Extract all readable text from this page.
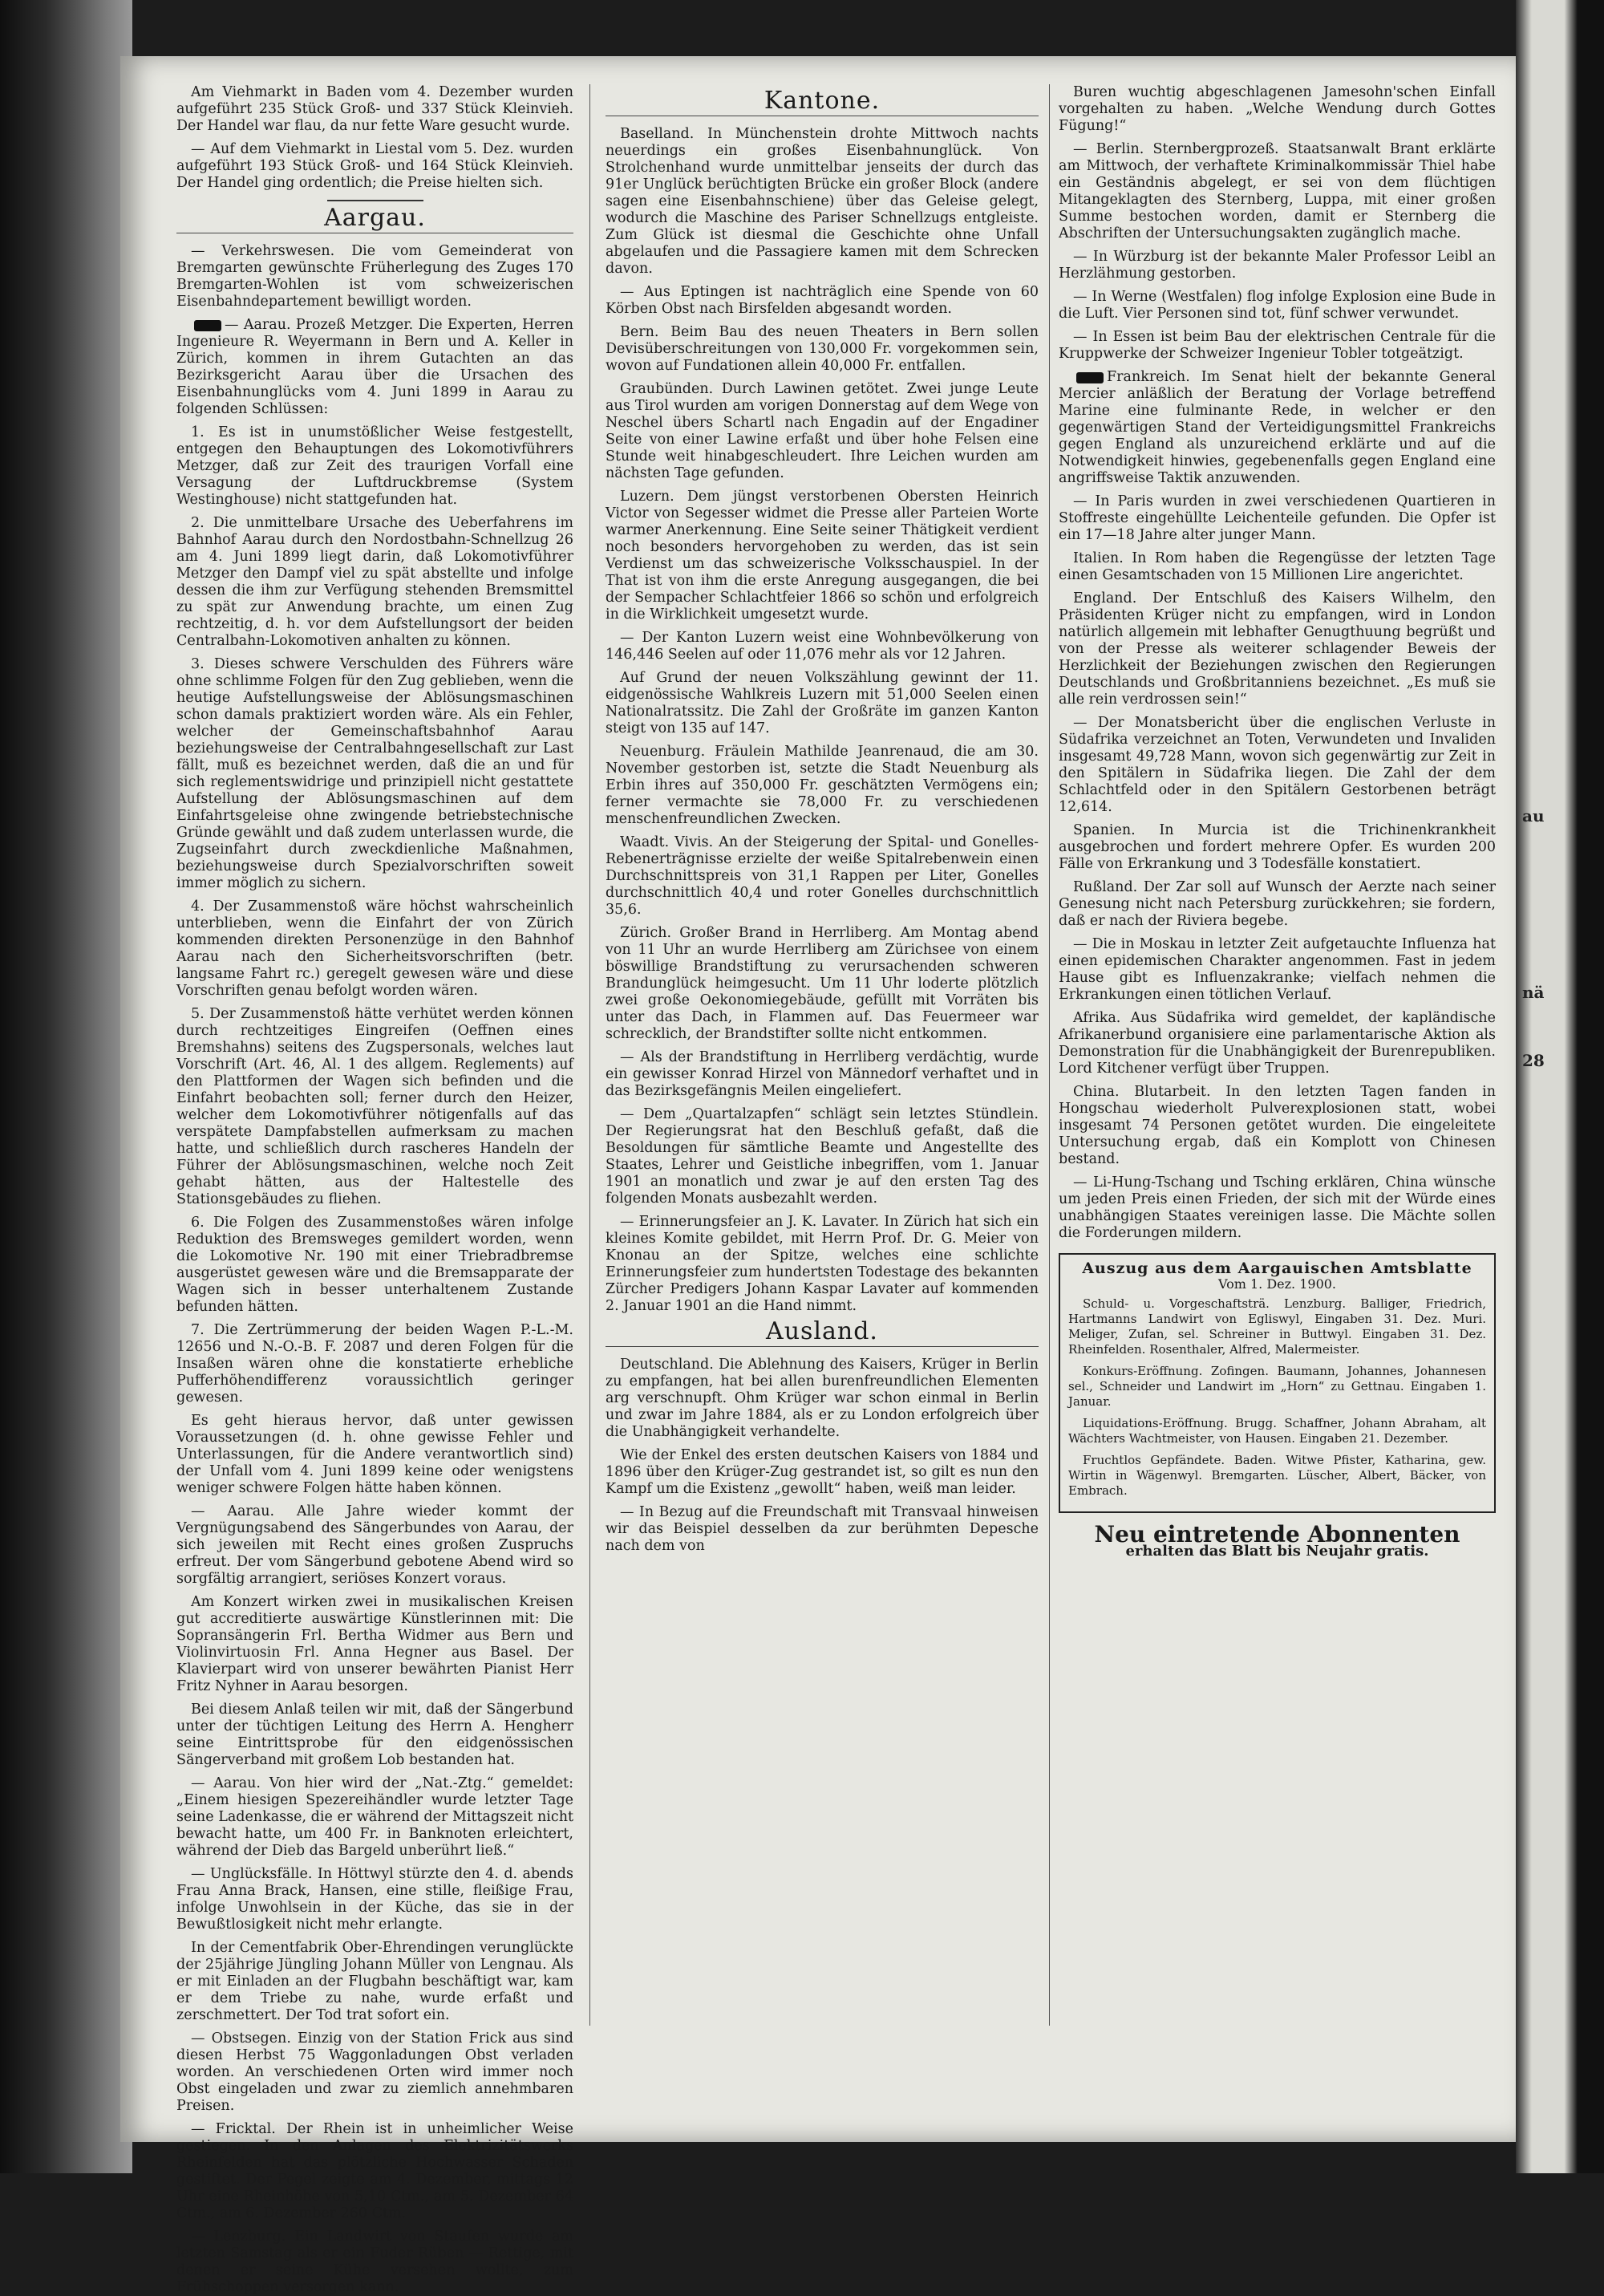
au
nä
28

Am Viehmarkt in Baden vom 4. Dezember wurden aufgeführt 235 Stück Groß- und 337 Stück Kleinvieh. Der Handel war flau, da nur fette Ware gesucht wurde.

— Auf dem Viehmarkt in Liestal vom 5. Dez. wurden aufgeführt 193 Stück Groß- und 164 Stück Kleinvieh. Der Handel ging ordentlich; die Preise hielten sich.

Aargau.

— Verkehrswesen. Die vom Gemeinderat von Bremgarten gewünschte Früherlegung des Zuges 170 Bremgarten-Wohlen ist vom schweizerischen Eisenbahndepartement bewilligt worden.

— Aarau. Prozeß Metzger. Die Experten, Herren Ingenieure R. Weyermann in Bern und A. Keller in Zürich, kommen in ihrem Gutachten an das Bezirksgericht Aarau über die Ursachen des Eisenbahnunglücks vom 4. Juni 1899 in Aarau zu folgenden Schlüssen:

1. Es ist in unumstößlicher Weise festgestellt, entgegen den Behauptungen des Lokomotivführers Metzger, daß zur Zeit des traurigen Vorfall eine Versagung der Luftdruckbremse (System Westinghouse) nicht stattgefunden hat.

2. Die unmittelbare Ursache des Ueberfahrens im Bahnhof Aarau durch den Nordostbahn-Schnellzug 26 am 4. Juni 1899 liegt darin, daß Lokomotivführer Metzger den Dampf viel zu spät abstellte und infolge dessen die ihm zur Verfügung stehenden Bremsmittel zu spät zur Anwendung brachte, um einen Zug rechtzeitig, d. h. vor dem Aufstellungsort der beiden Centralbahn-Lokomotiven anhalten zu können.

3. Dieses schwere Verschulden des Führers wäre ohne schlimme Folgen für den Zug geblieben, wenn die heutige Aufstellungsweise der Ablösungsmaschinen schon damals praktiziert worden wäre. Als ein Fehler, welcher der Gemeinschaftsbahnhof Aarau beziehungsweise der Centralbahngesellschaft zur Last fällt, muß es bezeichnet werden, daß die an und für sich reglementswidrige und prinzipiell nicht gestattete Aufstellung der Ablösungsmaschinen auf dem Einfahrtsgeleise ohne zwingende betriebstechnische Gründe gewählt und daß zudem unterlassen wurde, die Zugseinfahrt durch zweckdienliche Maßnahmen, beziehungsweise durch Spezialvorschriften soweit immer möglich zu sichern.

4. Der Zusammenstoß wäre höchst wahrscheinlich unterblieben, wenn die Einfahrt der von Zürich kommenden direkten Personenzüge in den Bahnhof Aarau nach den Sicherheitsvorschriften (betr. langsame Fahrt rc.) geregelt gewesen wäre und diese Vorschriften genau befolgt worden wären.

5. Der Zusammenstoß hätte verhütet werden können durch rechtzeitiges Eingreifen (Oeffnen eines Bremshahns) seitens des Zugspersonals, welches laut Vorschrift (Art. 46, Al. 1 des allgem. Reglements) auf den Plattformen der Wagen sich befinden und die Einfahrt beobachten soll; ferner durch den Heizer, welcher dem Lokomotivführer nötigenfalls auf das verspätete Dampfabstellen aufmerksam zu machen hatte, und schließlich durch rascheres Handeln der Führer der Ablösungsmaschinen, welche noch Zeit gehabt hätten, aus der Haltestelle des Stationsgebäudes zu fliehen.

6. Die Folgen des Zusammenstoßes wären infolge Reduktion des Bremsweges gemildert worden, wenn die Lokomotive Nr. 190 mit einer Triebradbremse ausgerüstet gewesen wäre und die Bremsapparate der Wagen sich in besser unterhaltenem Zustande befunden hätten.

7. Die Zertrümmerung der beiden Wagen P.-L.-M. 12656 und N.-O.-B. F. 2087 und deren Folgen für die Insaßen wären ohne die konstatierte erhebliche Pufferhöhendifferenz voraussichtlich geringer gewesen.

Es geht hieraus hervor, daß unter gewissen Voraussetzungen (d. h. ohne gewisse Fehler und Unterlassungen, für die Andere verantwortlich sind) der Unfall vom 4. Juni 1899 keine oder wenigstens weniger schwere Folgen hätte haben können.

— Aarau. Alle Jahre wieder kommt der Vergnügungsabend des Sängerbundes von Aarau, der sich jeweilen mit Recht eines großen Zuspruchs erfreut. Der vom Sängerbund gebotene Abend wird so sorgfältig arrangiert, seriöses Konzert voraus.

Am Konzert wirken zwei in musikalischen Kreisen gut accreditierte auswärtige Künstlerinnen mit: Die Sopransängerin Frl. Bertha Widmer aus Bern und Violinvirtuosin Frl. Anna Hegner aus Basel. Der Klavierpart wird von unserer bewährten Pianist Herr Fritz Nyhner in Aarau besorgen.

Bei diesem Anlaß teilen wir mit, daß der Sängerbund unter der tüchtigen Leitung des Herrn A. Hengherr seine Eintrittsprobe für den eidgenössischen Sängerverband mit großem Lob bestanden hat.

— Aarau. Von hier wird der „Nat.-Ztg.“ gemeldet: „Einem hiesigen Spezereihändler wurde letzter Tage seine Ladenkasse, die er während der Mittagszeit nicht bewacht hatte, um 400 Fr. in Banknoten erleichtert, während der Dieb das Bargeld unberührt ließ.“

— Unglücksfälle. In Höttwyl stürzte den 4. d. abends Frau Anna Brack, Hansen, eine stille, fleißige Frau, infolge Unwohlsein in der Küche, das sie in der Bewußtlosigkeit nicht mehr erlangte.

In der Cementfabrik Ober-Ehrendingen verunglückte der 25jährige Jüngling Johann Müller von Lengnau. Als er mit Einladen an der Flugbahn beschäftigt war, kam er dem Triebe zu nahe, wurde erfaßt und zerschmettert. Der Tod trat sofort ein.

— Obstsegen. Einzig von der Station Frick aus sind diesen Herbst 75 Waggonladungen Obst verladen worden. An verschiedenen Orten wird immer noch Obst eingeladen und zwar zu ziemlich annehmbaren Preisen.

— Fricktal. Der Rhein ist in unheimlicher Weise gestiegen. In den Anlagen des Elektrizitätswerks Rheinfelden hat das plötzliche Hochwasser Schaden gestiftet. Der Pegel zeigte am 4. Dezember, mittags 12 Uhr eine Rheinhöhe von 5,10 Ctm., am 5. Dezember 64 Ctm., am 6. Dezember 260 Ctm.

— Lenzburg. Ein Landwirt von Staufen wurde am letzten Samstag als er ein Fuder Rüben — Rettige, mit denen er seine Kühe versehen wollte, zum Frühschoppen versorgen kann.

Kantone.

Baselland. In Münchenstein drohte Mittwoch nachts neuerdings ein großes Eisenbahnunglück. Von Strolchenhand wurde unmittelbar jenseits der durch das 91er Unglück berüchtigten Brücke ein großer Block (andere sagen eine Eisenbahnschiene) über das Geleise gelegt, wodurch die Maschine des Pariser Schnellzugs entgleiste. Zum Glück ist diesmal die Geschichte ohne Unfall abgelaufen und die Passagiere kamen mit dem Schrecken davon.

— Aus Eptingen ist nachträglich eine Spende von 60 Körben Obst nach Birsfelden abgesandt worden.

Bern. Beim Bau des neuen Theaters in Bern sollen Devisüberschreitungen von 130,000 Fr. vorgekommen sein, wovon auf Fundationen allein 40,000 Fr. entfallen.

Graubünden. Durch Lawinen getötet. Zwei junge Leute aus Tirol wurden am vorigen Donnerstag auf dem Wege von Neschel übers Schartl nach Engadin auf der Engadiner Seite von einer Lawine erfaßt und über hohe Felsen eine Stunde weit hinabgeschleudert. Ihre Leichen wurden am nächsten Tage gefunden.

Luzern. Dem jüngst verstorbenen Obersten Heinrich Victor von Segesser widmet die Presse aller Parteien Worte warmer Anerkennung. Eine Seite seiner Thätigkeit verdient noch besonders hervorgehoben zu werden, das ist sein Verdienst um das schweizerische Volksschauspiel. In der That ist von ihm die erste Anregung ausgegangen, die bei der Sempacher Schlachtfeier 1866 so schön und erfolgreich in die Wirklichkeit umgesetzt wurde.

— Der Kanton Luzern weist eine Wohnbevölkerung von 146,446 Seelen auf oder 11,076 mehr als vor 12 Jahren.

Auf Grund der neuen Volkszählung gewinnt der 11. eidgenössische Wahlkreis Luzern mit 51,000 Seelen einen Nationalratssitz. Die Zahl der Großräte im ganzen Kanton steigt von 135 auf 147.

Neuenburg. Fräulein Mathilde Jeanrenaud, die am 30. November gestorben ist, setzte die Stadt Neuenburg als Erbin ihres auf 350,000 Fr. geschätzten Vermögens ein; ferner vermachte sie 78,000 Fr. zu verschiedenen menschenfreundlichen Zwecken.

Waadt. Vivis. An der Steigerung der Spital- und Gonelles-Rebenerträgnisse erzielte der weiße Spitalrebenwein einen Durchschnittspreis von 31,1 Rappen per Liter, Gonelles durchschnittlich 40,4 und roter Gonelles durchschnittlich 35,6.

Zürich. Großer Brand in Herrliberg. Am Montag abend von 11 Uhr an wurde Herrliberg am Zürichsee von einem böswillige Brandstiftung zu verursachenden schweren Brandunglück heimgesucht. Um 11 Uhr loderte plötzlich zwei große Oekonomiegebäude, gefüllt mit Vorräten bis unter das Dach, in Flammen auf. Das Feuermeer war schrecklich, der Brandstifter sollte nicht entkommen.

— Als der Brandstiftung in Herrliberg verdächtig, wurde ein gewisser Konrad Hirzel von Männedorf verhaftet und in das Bezirksgefängnis Meilen eingeliefert.

— Dem „Quartalzapfen“ schlägt sein letztes Stündlein. Der Regierungsrat hat den Beschluß gefaßt, daß die Besoldungen für sämtliche Beamte und Angestellte des Staates, Lehrer und Geistliche inbegriffen, vom 1. Januar 1901 an monatlich und zwar je auf den ersten Tag des folgenden Monats ausbezahlt werden.

— Erinnerungsfeier an J. K. Lavater. In Zürich hat sich ein kleines Komite gebildet, mit Herrn Prof. Dr. G. Meier von Knonau an der Spitze, welches eine schlichte Erinnerungsfeier zum hundertsten Todestage des bekannten Zürcher Predigers Johann Kaspar Lavater auf kommenden 2. Januar 1901 an die Hand nimmt.

Ausland.

Deutschland. Die Ablehnung des Kaisers, Krüger in Berlin zu empfangen, hat bei allen burenfreundlichen Elementen arg verschnupft. Ohm Krüger war schon einmal in Berlin und zwar im Jahre 1884, als er zu London erfolgreich über die Unabhängigkeit verhandelte.

Wie der Enkel des ersten deutschen Kaisers von 1884 und 1896 über den Krüger-Zug gestrandet ist, so gilt es nun den Kampf um die Existenz „gewollt“ haben, weiß man leider.

— In Bezug auf die Freundschaft mit Transvaal hinweisen wir das Beispiel desselben da zur berühmten Depesche nach dem von

Buren wuchtig abgeschlagenen Jamesohn'schen Einfall vorgehalten zu haben. „Welche Wendung durch Gottes Fügung!“

— Berlin. Sternbergprozeß. Staatsanwalt Brant erklärte am Mittwoch, der verhaftete Kriminalkommissär Thiel habe ein Geständnis abgelegt, er sei von dem flüchtigen Mitangeklagten des Sternberg, Luppa, mit einer großen Summe bestochen worden, damit er Sternberg die Abschriften der Untersuchungsakten zugänglich mache.

— In Würzburg ist der bekannte Maler Professor Leibl an Herzlähmung gestorben.

— In Werne (Westfalen) flog infolge Explosion eine Bude in die Luft. Vier Personen sind tot, fünf schwer verwundet.

— In Essen ist beim Bau der elektrischen Centrale für die Kruppwerke der Schweizer Ingenieur Tobler totgeätzigt.

Frankreich. Im Senat hielt der bekannte General Mercier anläßlich der Beratung der Vorlage betreffend Marine eine fulminante Rede, in welcher er den gegenwärtigen Stand der Verteidigungsmittel Frankreichs gegen England als unzureichend erklärte und auf die Notwendigkeit hinwies, gegebenenfalls gegen England eine angriffsweise Taktik anzuwenden.

— In Paris wurden in zwei verschiedenen Quartieren in Stoffreste eingehüllte Leichenteile gefunden. Die Opfer ist ein 17—18 Jahre alter junger Mann.

Italien. In Rom haben die Regengüsse der letzten Tage einen Gesamtschaden von 15 Millionen Lire angerichtet.

England. Der Entschluß des Kaisers Wilhelm, den Präsidenten Krüger nicht zu empfangen, wird in London natürlich allgemein mit lebhafter Genugthuung begrüßt und von der Presse als weiterer schlagender Beweis der Herzlichkeit der Beziehungen zwischen den Regierungen Deutschlands und Großbritanniens bezeichnet. „Es muß sie alle rein verdrossen sein!“

— Der Monatsbericht über die englischen Verluste in Südafrika verzeichnet an Toten, Verwundeten und Invaliden insgesamt 49,728 Mann, wovon sich gegenwärtig zur Zeit in den Spitälern in Südafrika liegen. Die Zahl der dem Schlachtfeld oder in den Spitälern Gestorbenen beträgt 12,614.

Spanien. In Murcia ist die Trichinenkrankheit ausgebrochen und fordert mehrere Opfer. Es wurden 200 Fälle von Erkrankung und 3 Todesfälle konstatiert.

Rußland. Der Zar soll auf Wunsch der Aerzte nach seiner Genesung nicht nach Petersburg zurückkehren; sie fordern, daß er nach der Riviera begebe.

— Die in Moskau in letzter Zeit aufgetauchte Influenza hat einen epidemischen Charakter angenommen. Fast in jedem Hause gibt es Influenzakranke; vielfach nehmen die Erkrankungen einen tötlichen Verlauf.

Afrika. Aus Südafrika wird gemeldet, der kapländische Afrikanerbund organisiere eine parlamentarische Aktion als Demonstration für die Unabhängigkeit der Burenrepubliken. Lord Kitchener verfügt über Truppen.

China. Blutarbeit. In den letzten Tagen fanden in Hongschau wiederholt Pulverexplosionen statt, wobei insgesamt 74 Personen getötet wurden. Die eingeleitete Untersuchung ergab, daß ein Komplott von Chinesen bestand.

— Li-Hung-Tschang und Tsching erklären, China wünsche um jeden Preis einen Frieden, der sich mit der Würde eines unabhängigen Staates vereinigen lasse. Die Mächte sollen die Forderungen mildern.

Auszug aus dem Aargauischen Amtsblatte
Vom 1. Dez. 1900.

Schuld- u. Vorgeschaftsträ. Lenzburg. Balliger, Friedrich, Hartmanns Landwirt von Egliswyl, Eingaben 31. Dez. Muri. Meliger, Zufan, sel. Schreiner in Buttwyl. Eingaben 31. Dez. Rheinfelden. Rosenthaler, Alfred, Malermeister.

Konkurs-Eröffnung. Zofingen. Baumann, Johannes, Johannesen sel., Schneider und Landwirt im „Horn“ zu Gettnau. Eingaben 1. Januar.

Liquidations-Eröffnung. Brugg. Schaffner, Johann Abraham, alt Wächters Wachtmeister, von Hausen. Eingaben 21. Dezember.

Fruchtlos Gepfändete. Baden. Witwe Pfister, Katharina, gew. Wirtin in Wägenwyl. Bremgarten. Lüscher, Albert, Bäcker, von Embrach.

Neu eintretende Abonnenten
erhalten das Blatt bis Neujahr gratis.
